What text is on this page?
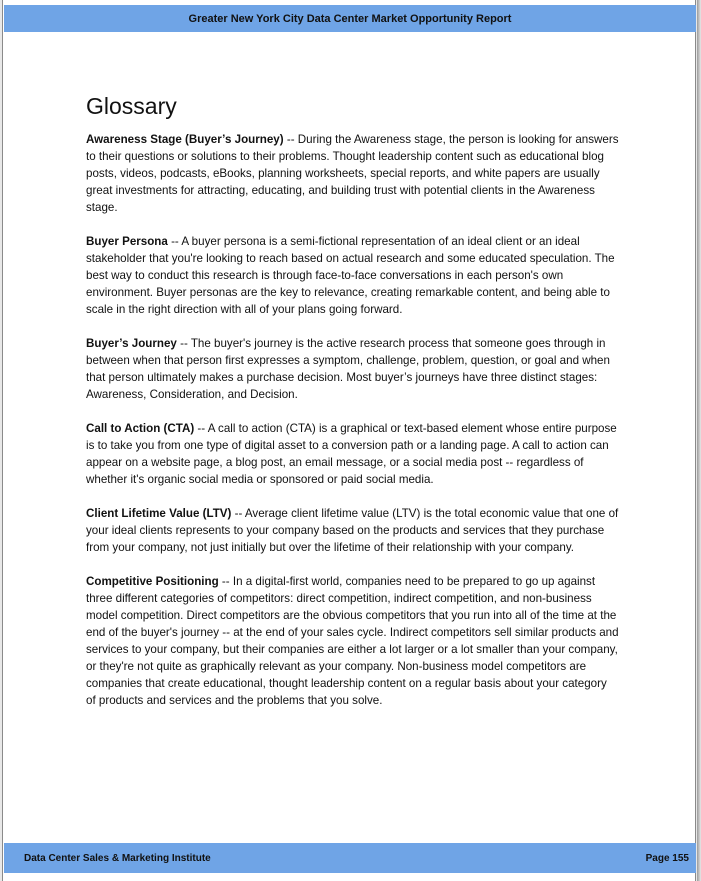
Greater New York City Data Center Market Opportunity Report
Glossary

Awareness Stage (Buyer’s Journey) -- During the Awareness stage, the person is looking for answers to their questions or solutions to their problems. Thought leadership content such as educational blog posts, videos, podcasts, eBooks, planning worksheets, special reports, and white papers are usually great investments for attracting, educating, and building trust with potential clients in the Awareness stage.

Buyer Persona -- A buyer persona is a semi-fictional representation of an ideal client or an ideal stakeholder that you're looking to reach based on actual research and some educated speculation. The best way to conduct this research is through face-to-face conversations in each person's own environment. Buyer personas are the key to relevance, creating remarkable content, and being able to scale in the right direction with all of your plans going forward.

Buyer’s Journey -- The buyer's journey is the active research process that someone goes through in between when that person first expresses a symptom, challenge, problem, question, or goal and when that person ultimately makes a purchase decision. Most buyer’s journeys have three distinct stages: Awareness, Consideration, and Decision.

Call to Action (CTA) -- A call to action (CTA) is a graphical or text-based element whose entire purpose is to take you from one type of digital asset to a conversion path or a landing page. A call to action can appear on a website page, a blog post, an email message, or a social media post -- regardless of whether it's organic social media or sponsored or paid social media.

Client Lifetime Value (LTV) -- Average client lifetime value (LTV) is the total economic value that one of your ideal clients represents to your company based on the products and services that they purchase from your company, not just initially but over the lifetime of their relationship with your company.

Competitive Positioning -- In a digital-first world, companies need to be prepared to go up against three different categories of competitors: direct competition, indirect competition, and non-business model competition. Direct competitors are the obvious competitors that you run into all of the time at the end of the buyer's journey -- at the end of your sales cycle. Indirect competitors sell similar products and services to your company, but their companies are either a lot larger or a lot smaller than your company, or they're not quite as graphically relevant as your company. Non-business model competitors are companies that create educational, thought leadership content on a regular basis about your category of products and services and the problems that you solve.

Data Center Sales & Marketing Institute	Page 155
